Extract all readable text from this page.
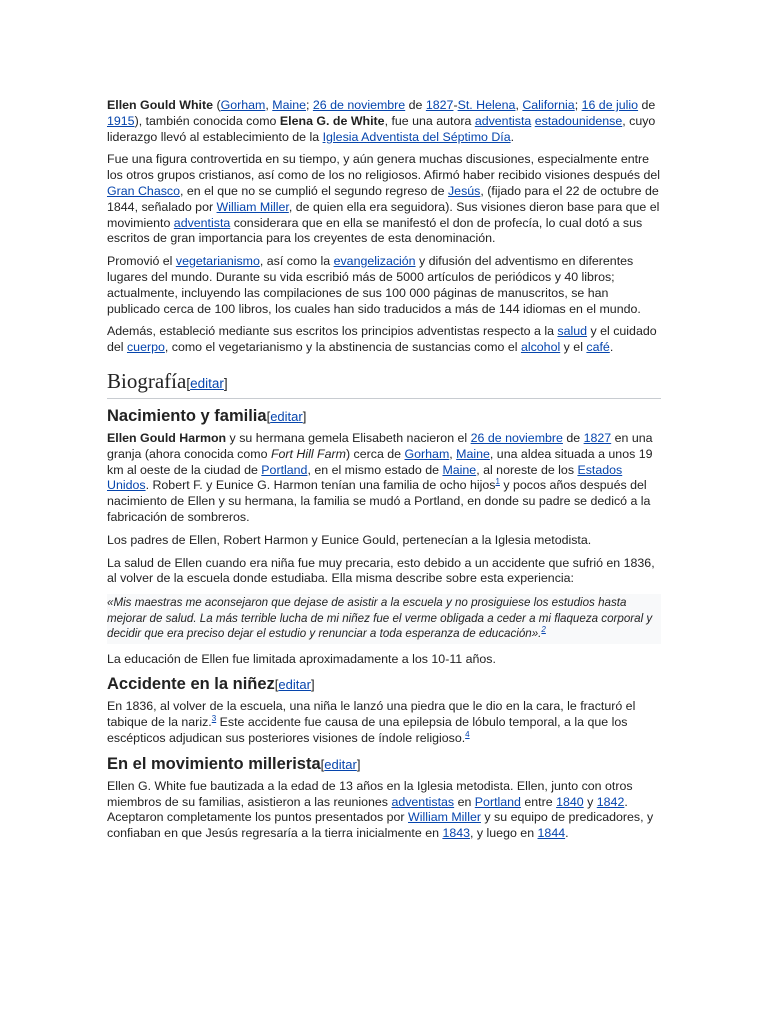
Ellen Gould White (Gorham, Maine; 26 de noviembre de 1827-St. Helena, California; 16 de julio de 1915), también conocida como Elena G. de White, fue una autora adventista estadounidense, cuyo liderazgo llevó al establecimiento de la Iglesia Adventista del Séptimo Día.

Fue una figura controvertida en su tiempo, y aún genera muchas discusiones, especialmente entre los otros grupos cristianos, así como de los no religiosos. Afirmó haber recibido visiones después del Gran Chasco, en el que no se cumplió el segundo regreso de Jesús, (fijado para el 22 de octubre de 1844, señalado por William Miller, de quien ella era seguidora). Sus visiones dieron base para que el movimiento adventista considerara que en ella se manifestó el don de profecía, lo cual dotó a sus escritos de gran importancia para los creyentes de esta denominación.

Promovió el vegetarianismo, así como la evangelización y difusión del adventismo en diferentes lugares del mundo. Durante su vida escribió más de 5000 artículos de periódicos y 40 libros; actualmente, incluyendo las compilaciones de sus 100 000 páginas de manuscritos, se han publicado cerca de 100 libros, los cuales han sido traducidos a más de 144 idiomas en el mundo.

Además, estableció mediante sus escritos los principios adventistas respecto a la salud y el cuidado del cuerpo, como el vegetarianismo y la abstinencia de sustancias como el alcohol y el café.

Biografía[editar]
Nacimiento y familia[editar]

Ellen Gould Harmon y su hermana gemela Elisabeth nacieron el 26 de noviembre de 1827 en una granja (ahora conocida como Fort Hill Farm) cerca de Gorham, Maine, una aldea situada a unos 19 km al oeste de la ciudad de Portland, en el mismo estado de Maine, al noreste de los Estados Unidos. Robert F. y Eunice G. Harmon tenían una familia de ocho hijos$^1$ y pocos años después del nacimiento de Ellen y su hermana, la familia se mudó a Portland, en donde su padre se dedicó a la fabricación de sombreros.

Los padres de Ellen, Robert Harmon y Eunice Gould, pertenecían a la Iglesia metodista.

La salud de Ellen cuando era niña fue muy precaria, esto debido a un accidente que sufrió en 1836, al volver de la escuela donde estudiaba. Ella misma describe sobre esta experiencia:

«Mis maestras me aconsejaron que dejase de asistir a la escuela y no prosiguiese los estudios hasta mejorar de salud. La más terrible lucha de mi niñez fue el verme obligada a ceder a mi flaqueza corporal y decidir que era preciso dejar el estudio y renunciar a toda esperanza de educación».$^2$

La educación de Ellen fue limitada aproximadamente a los 10-11 años.

Accidente en la niñez[editar]

En 1836, al volver de la escuela, una niña le lanzó una piedra que le dio en la cara, le fracturó el tabique de la nariz.$^3$ Este accidente fue causa de una epilepsia de lóbulo temporal, a la que los escépticos adjudican sus posteriores visiones de índole religioso.$^4$

En el movimiento millerista[editar]

Ellen G. White fue bautizada a la edad de 13 años en la Iglesia metodista. Ellen, junto con otros miembros de su familias, asistieron a las reuniones adventistas en Portland entre 1840 y 1842. Aceptaron completamente los puntos presentados por William Miller y su equipo de predicadores, y confiaban en que Jesús regresaría a la tierra inicialmente en 1843, y luego en 1844.
